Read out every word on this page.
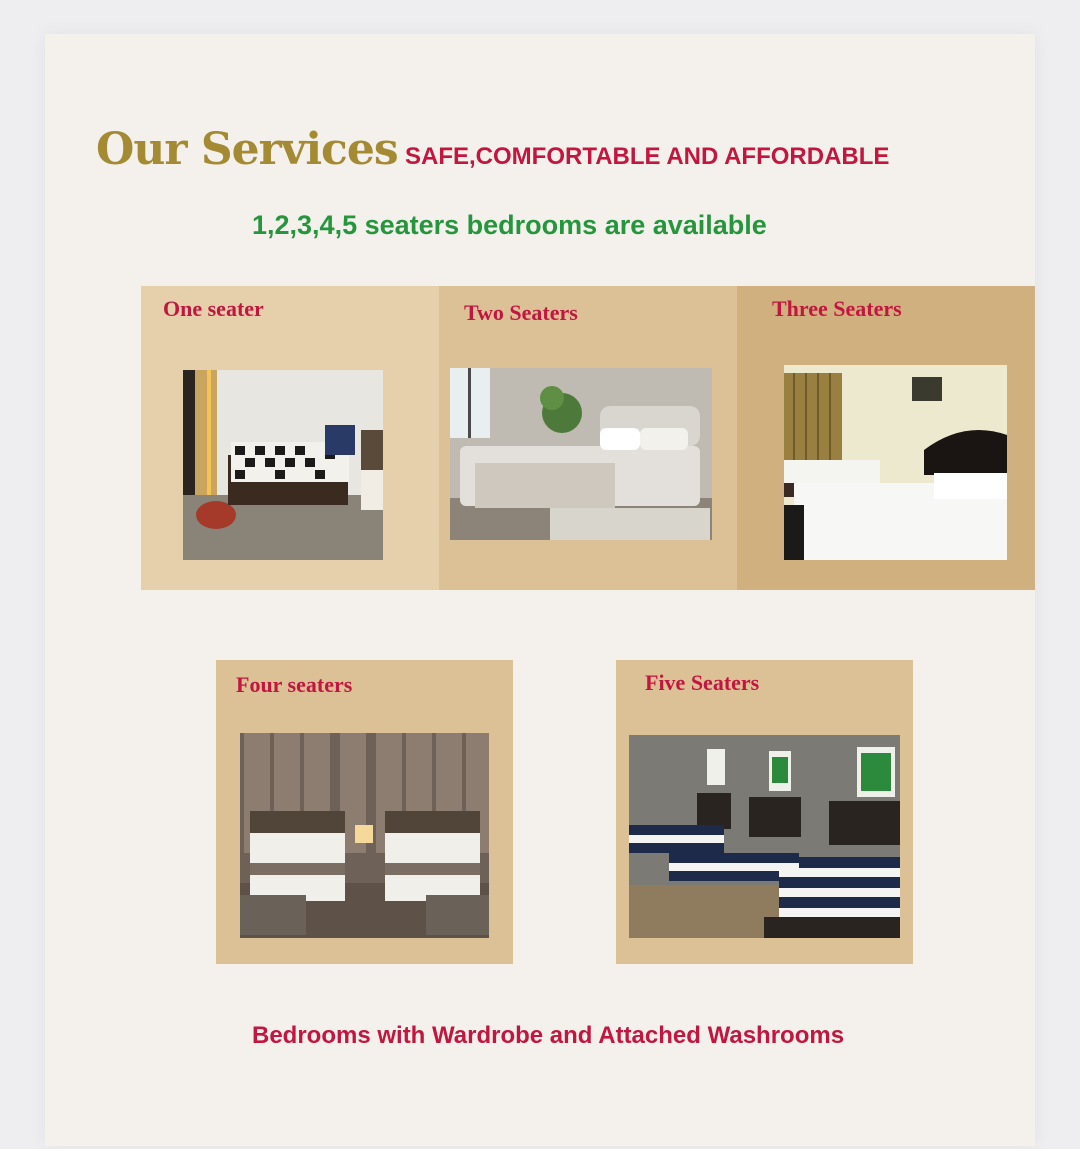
Our Services SAFE,COMFORTABLE AND AFFORDABLE
1,2,3,4,5 seaters bedrooms are available
One seater	Two Seaters	Three Seaters
Four seaters	Five Seaters
Bedrooms with Wardrobe and Attached Washrooms
